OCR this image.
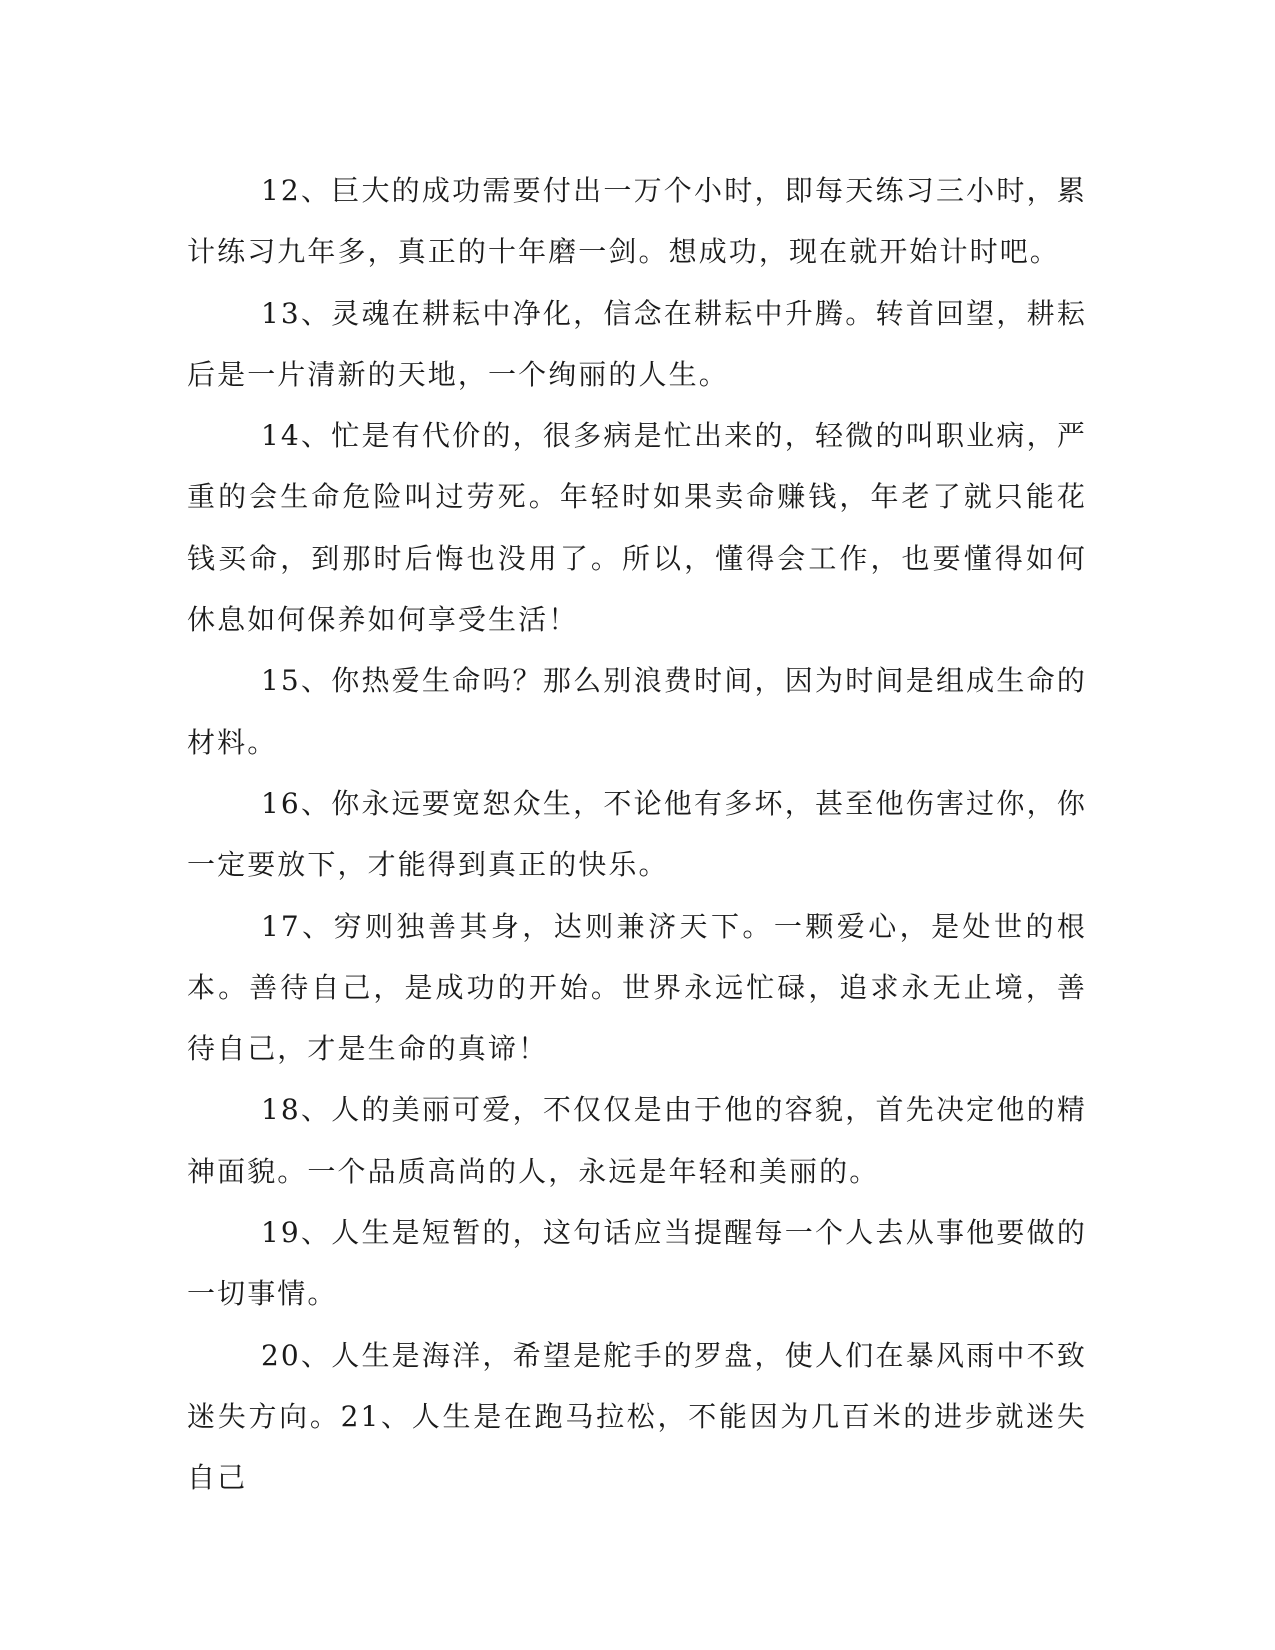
12、巨大的成功需要付出一万个小时，即每天练习三小时，累计练习九年多，真正的十年磨一剑。想成功，现在就开始计时吧。

13、灵魂在耕耘中净化，信念在耕耘中升腾。转首回望，耕耘后是一片清新的天地，一个绚丽的人生。

14、忙是有代价的，很多病是忙出来的，轻微的叫职业病，严重的会生命危险叫过劳死。年轻时如果卖命赚钱，年老了就只能花钱买命，到那时后悔也没用了。所以，懂得会工作，也要懂得如何休息如何保养如何享受生活！

15、你热爱生命吗？那么别浪费时间，因为时间是组成生命的材料。

16、你永远要宽恕众生，不论他有多坏，甚至他伤害过你，你一定要放下，才能得到真正的快乐。

17、穷则独善其身，达则兼济天下。一颗爱心，是处世的根本。善待自己，是成功的开始。世界永远忙碌，追求永无止境，善待自己，才是生命的真谛！

18、人的美丽可爱，不仅仅是由于他的容貌，首先决定他的精神面貌。一个品质高尚的人，永远是年轻和美丽的。

19、人生是短暂的，这句话应当提醒每一个人去从事他要做的一切事情。

20、人生是海洋，希望是舵手的罗盘，使人们在暴风雨中不致迷失方向。21、人生是在跑马拉松，不能因为几百米的进步就迷失自己
